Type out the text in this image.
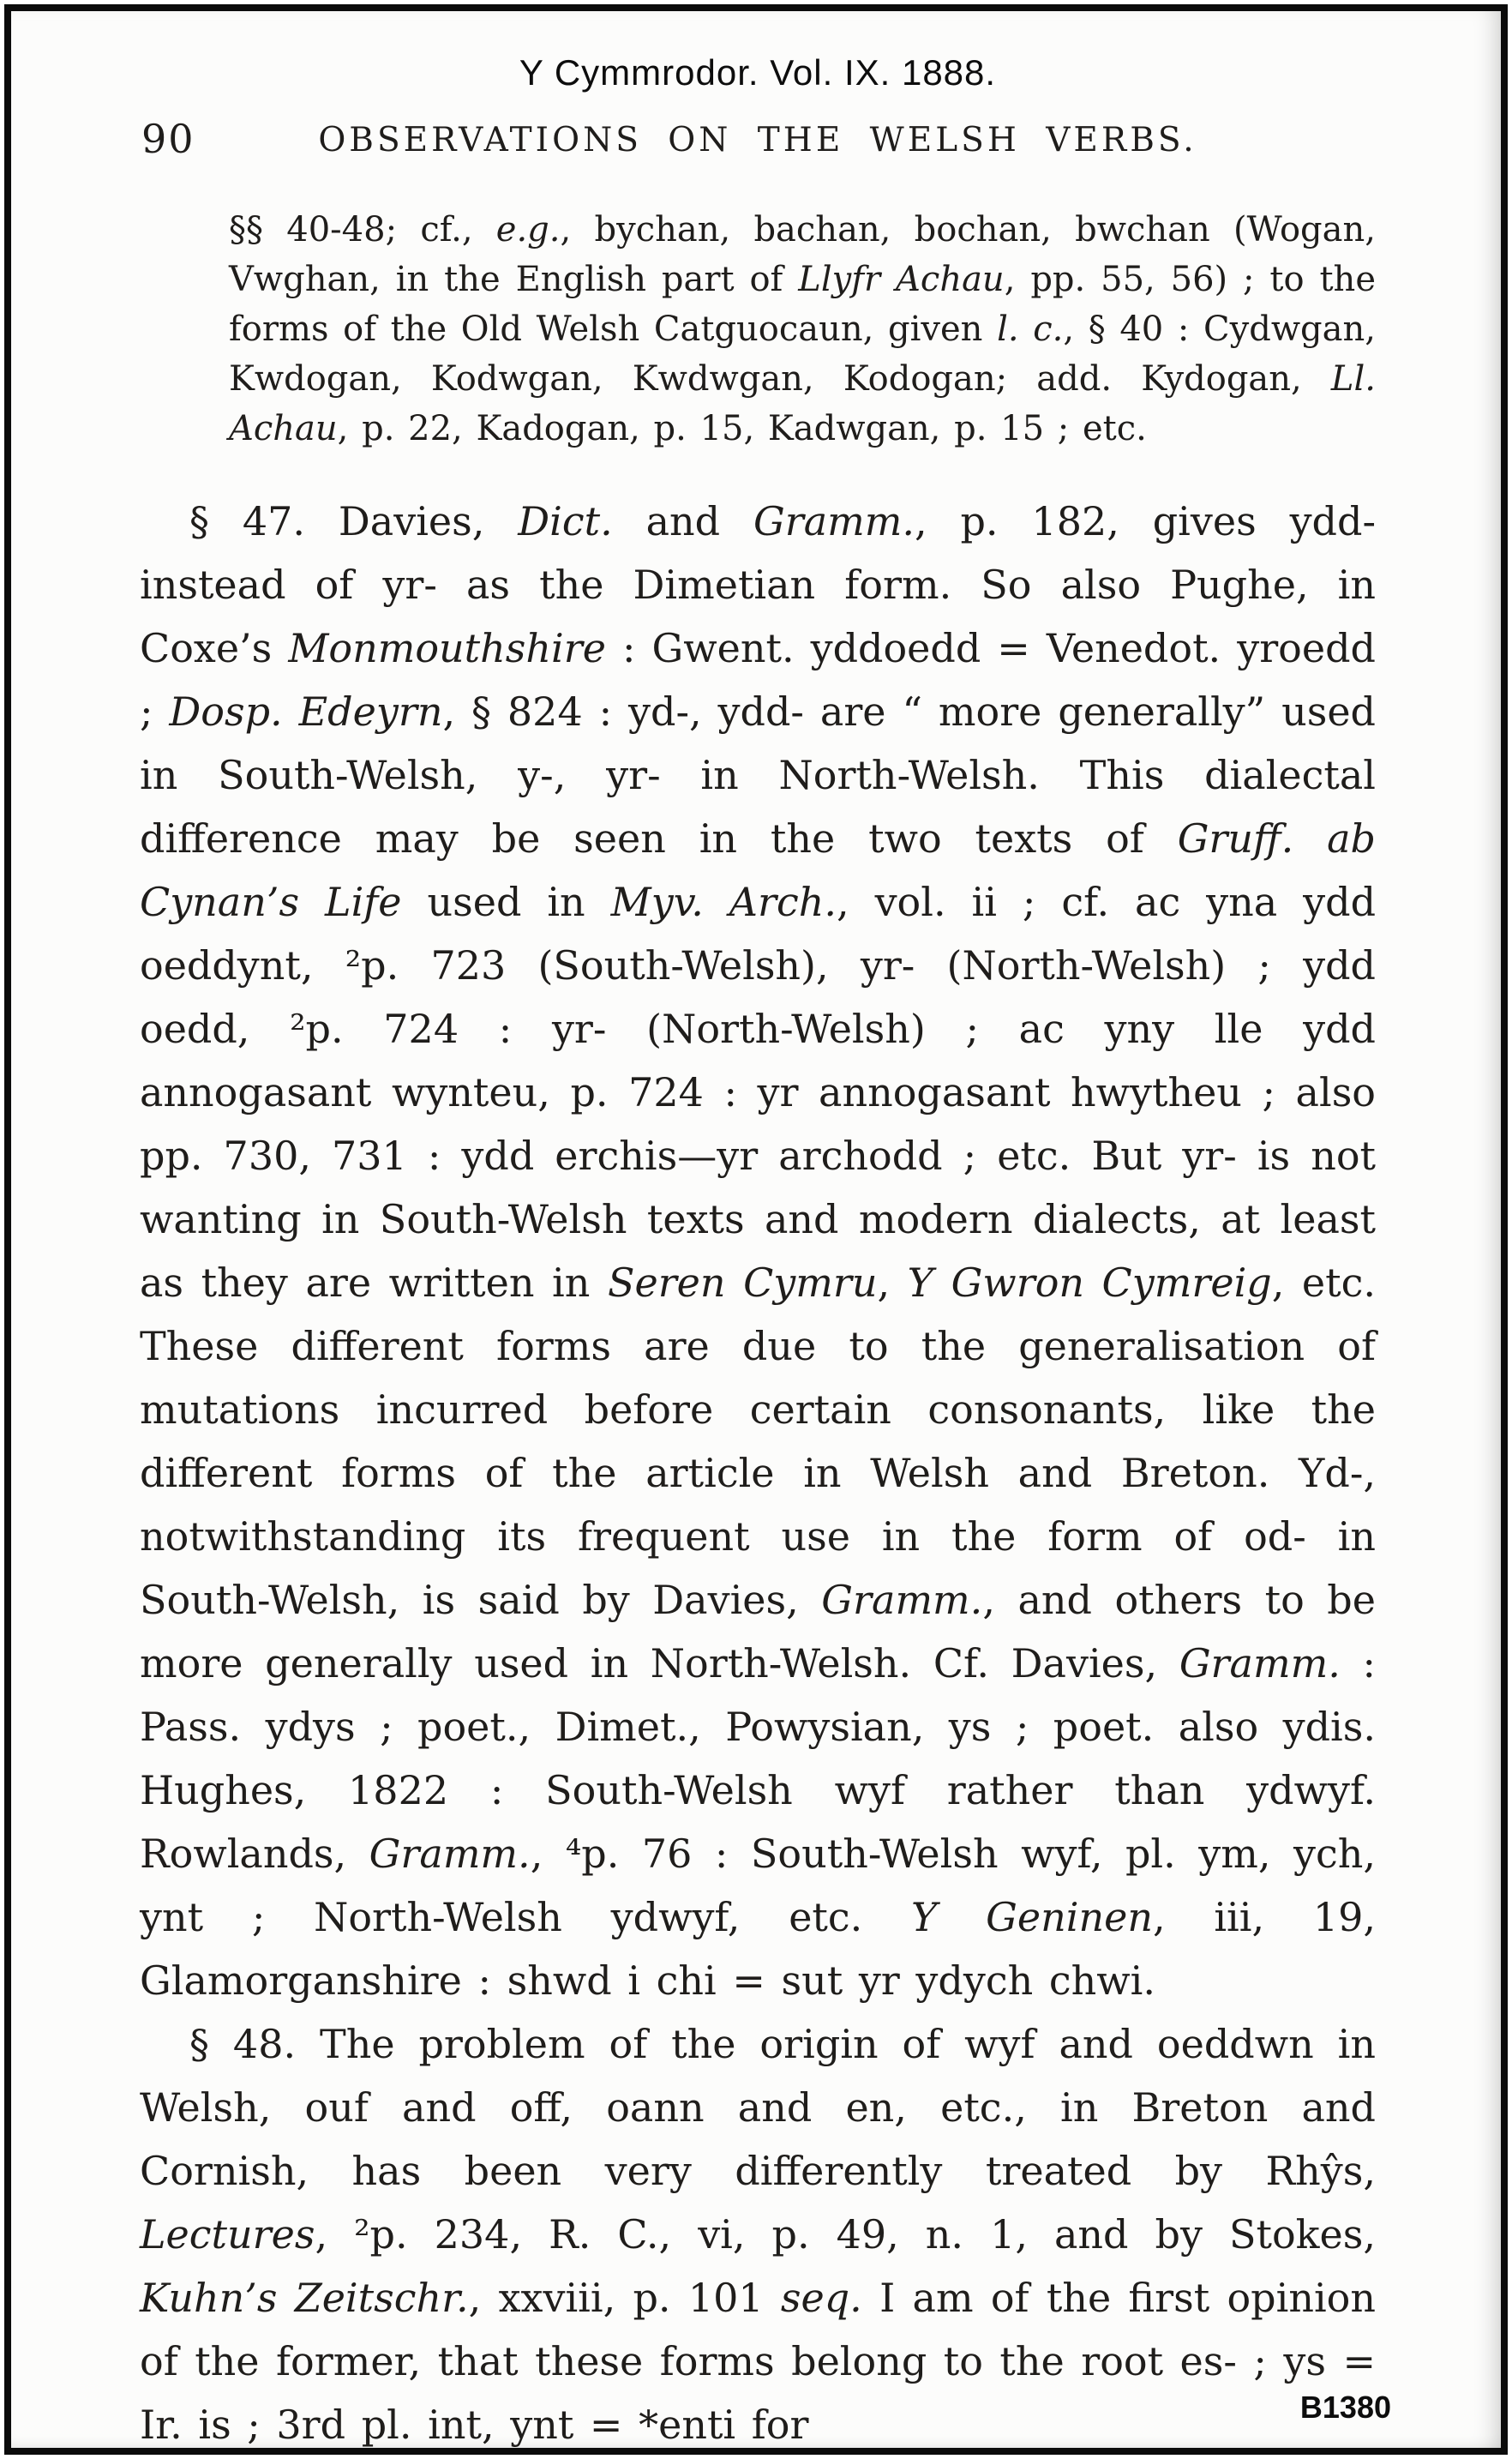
Y Cymmrodor. Vol. IX. 1888.
90	OBSERVATIONS ON THE WELSH VERBS.

§§ 40-48; cf., e.g., bychan, bachan, bochan, bwchan (Wogan, Vwghan, in the English part of Llyfr Achau, pp. 55, 56) ; to the forms of the Old Welsh Catguocaun, given l. c., § 40 : Cydwgan, Kwdogan, Kodwgan, Kwdwgan, Kodogan; add. Kydogan, Ll. Achau, p. 22, Kadogan, p. 15, Kadwgan, p. 15 ; etc.

§ 47. Davies, Dict. and Gramm., p. 182, gives ydd- instead of yr- as the Dimetian form. So also Pughe, in Coxe’s Monmouthshire : Gwent. yddoedd = Venedot. yroedd ; Dosp. Edeyrn, § 824 : yd-, ydd- are “ more generally” used in South-Welsh, y-, yr- in North-Welsh. This dialectal difference may be seen in the two texts of Gruff. ab Cynan’s Life used in Myv. Arch., vol. ii ; cf. ac yna ydd oeddynt, ²p. 723 (South-Welsh), yr- (North-Welsh) ; ydd oedd, ²p. 724 : yr- (North-Welsh) ; ac yny lle ydd annogasant wynteu, p. 724 : yr annogasant hwytheu ; also pp. 730, 731 : ydd erchis—yr archodd ; etc. But yr- is not wanting in South-Welsh texts and modern dialects, at least as they are written in Seren Cymru, Y Gwron Cymreig, etc. These different forms are due to the generalisation of mutations incurred before certain consonants, like the different forms of the article in Welsh and Breton. Yd-, notwithstanding its frequent use in the form of od- in South-Welsh, is said by Davies, Gramm., and others to be more generally used in North-Welsh. Cf. Davies, Gramm. : Pass. ydys ; poet., Dimet., Powysian, ys ; poet. also ydis. Hughes, 1822 : South-Welsh wyf rather than ydwyf. Rowlands, Gramm., ⁴p. 76 : South-Welsh wyf, pl. ym, ych, ynt ; North-Welsh ydwyf, etc. Y Geninen, iii, 19, Glamorganshire : shwd i chi = sut yr ydych chwi.

§ 48. The problem of the origin of wyf and oeddwn in Welsh, ouf and off, oann and en, etc., in Breton and Cornish, has been very differently treated by Rhŷs, Lectures, ²p. 234, R. C., vi, p. 49, n. 1, and by Stokes, Kuhn’s Zeitschr., xxviii, p. 101 seq. I am of the first opinion of the former, that these forms belong to the root es- ; ys = Ir. is ; 3rd pl. int, ynt = *enti for	B1380
